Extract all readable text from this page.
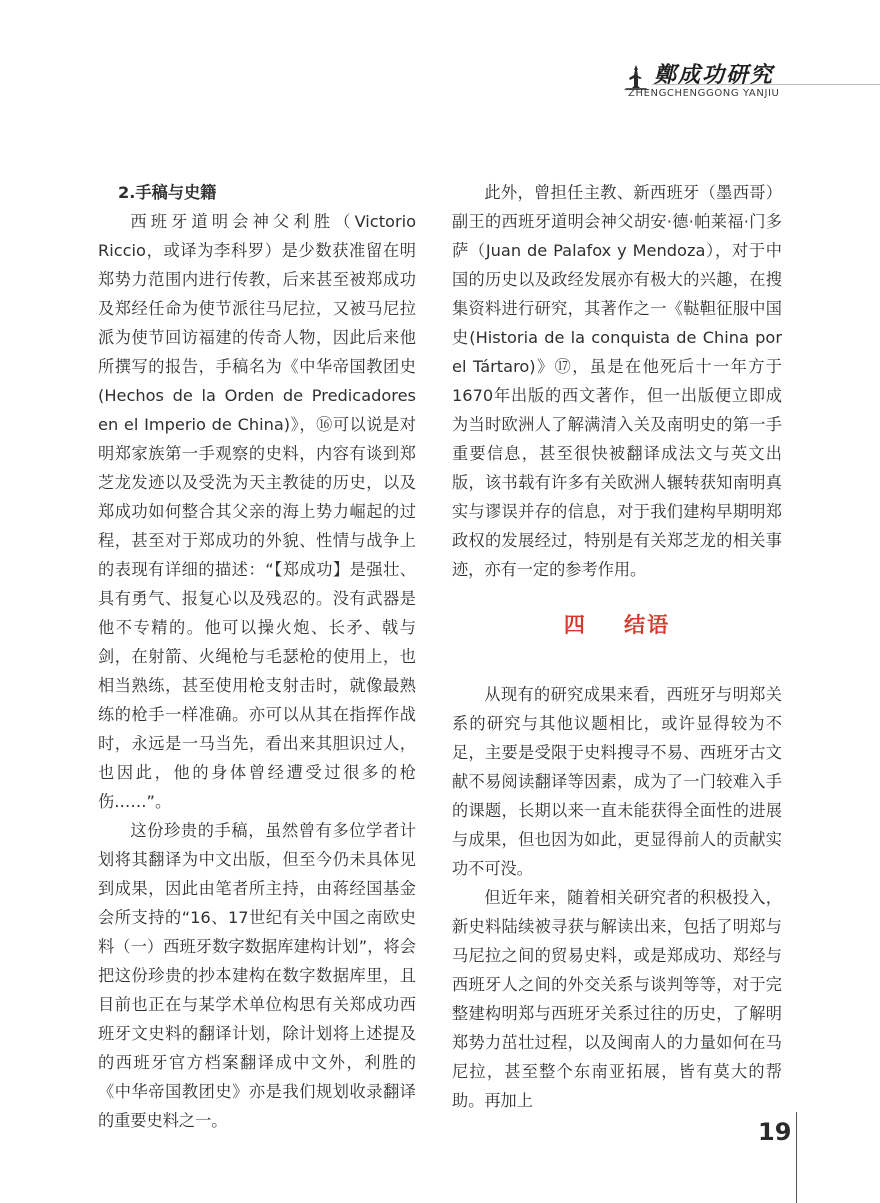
鄭成功研究
ZHENGCHENGGONG YANJIU
2.手稿与史籍

西班牙道明会神父利胜（Victorio Riccio，或译为李科罗）是少数获准留在明郑势力范围内进行传教，后来甚至被郑成功及郑经任命为使节派往马尼拉，又被马尼拉派为使节回访福建的传奇人物，因此后来他所撰写的报告，手稿名为《中华帝国教团史(Hechos de la Orden de Predicadores en el Imperio de China)》，⑯可以说是对明郑家族第一手观察的史料，内容有谈到郑芝龙发迹以及受洗为天主教徒的历史，以及郑成功如何整合其父亲的海上势力崛起的过程，甚至对于郑成功的外貌、性情与战争上的表现有详细的描述：“【郑成功】是强壮、具有勇气、报复心以及残忍的。没有武器是他不专精的。他可以操火炮、长矛、戟与剑，在射箭、火绳枪与毛瑟枪的使用上，也相当熟练，甚至使用枪支射击时，就像最熟练的枪手一样准确。亦可以从其在指挥作战时，永远是一马当先，看出来其胆识过人，也因此，他的身体曾经遭受过很多的枪伤……”。

这份珍贵的手稿，虽然曾有多位学者计划将其翻译为中文出版，但至今仍未具体见到成果，因此由笔者所主持，由蒋经国基金会所支持的“16、17世纪有关中国之南欧史料（一）西班牙数字数据库建构计划”，将会把这份珍贵的抄本建构在数字数据库里，且目前也正在与某学术单位构思有关郑成功西班牙文史料的翻译计划，除计划将上述提及的西班牙官方档案翻译成中文外，利胜的《中华帝国教团史》亦是我们规划收录翻译的重要史料之一。

此外，曾担任主教、新西班牙（墨西哥）副王的西班牙道明会神父胡安·德·帕莱福·门多萨（Juan de Palafox y Mendoza），对于中国的历史以及政经发展亦有极大的兴趣，在搜集资料进行研究，其著作之一《鞑靼征服中国史(Historia de la conquista de China por el Tártaro)》⑰，虽是在他死后十一年方于1670年出版的西文著作，但一出版便立即成为当时欧洲人了解满清入关及南明史的第一手重要信息，甚至很快被翻译成法文与英文出版，该书载有许多有关欧洲人辗转获知南明真实与谬误并存的信息，对于我们建构早期明郑政权的发展经过，特别是有关郑芝龙的相关事迹，亦有一定的参考作用。

四 结语

从现有的研究成果来看，西班牙与明郑关系的研究与其他议题相比，或许显得较为不足，主要是受限于史料搜寻不易、西班牙古文献不易阅读翻译等因素，成为了一门较难入手的课题，长期以来一直未能获得全面性的进展与成果，但也因为如此，更显得前人的贡献实功不可没。

但近年来，随着相关研究者的积极投入，新史料陆续被寻获与解读出来，包括了明郑与马尼拉之间的贸易史料，或是郑成功、郑经与西班牙人之间的外交关系与谈判等等，对于完整建构明郑与西班牙关系过往的历史，了解明郑势力茁壮过程，以及闽南人的力量如何在马尼拉，甚至整个东南亚拓展，皆有莫大的帮助。再加上

19
